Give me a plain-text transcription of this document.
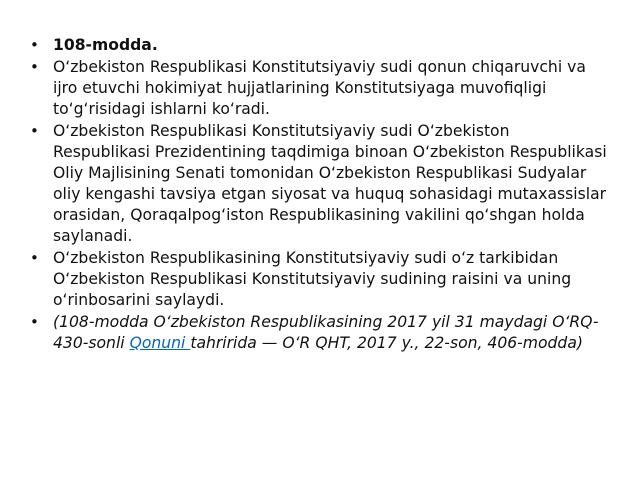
• 108-modda.
• O‘zbekiston Respublikasi Konstitutsiyaviy sudi qonun chiqaruvchi va ijro etuvchi hokimiyat hujjatlarining Konstitutsiyaga muvofiqligi to‘g‘risidagi ishlarni ko‘radi.
• O‘zbekiston Respublikasi Konstitutsiyaviy sudi O‘zbekiston Respublikasi Prezidentining taqdimiga binoan O‘zbekiston Respublikasi Oliy Majlisining Senati tomonidan O‘zbekiston Respublikasi Sudyalar oliy kengashi tavsiya etgan siyosat va huquq sohasidagi mutaxassislar orasidan, Qoraqalpog‘iston Respublikasining vakilini qo‘shgan holda saylanadi.
• O‘zbekiston Respublikasining Konstitutsiyaviy sudi o‘z tarkibidan O‘zbekiston Respublikasi Konstitutsiyaviy sudining raisini va uning o‘rinbosarini saylaydi.
• (108-modda O‘zbekiston Respublikasining 2017 yil 31 maydagi O‘RQ-430-sonli Qonuni tahririda — O‘R QHT, 2017 y., 22-son, 406-modda)
